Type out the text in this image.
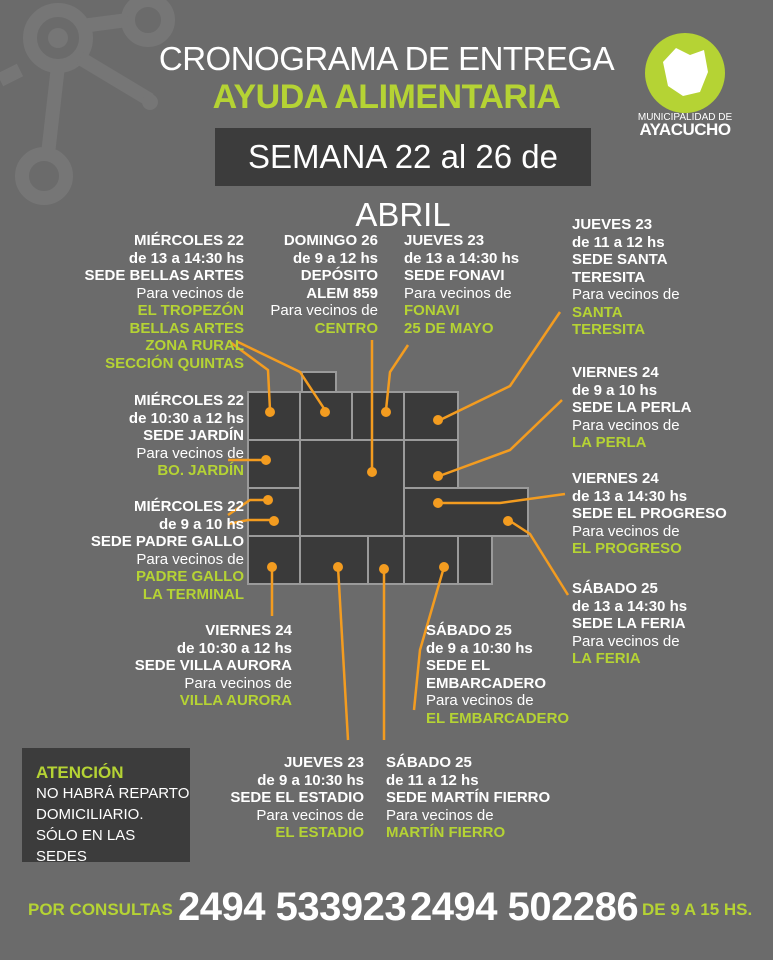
CRONOGRAMA DE ENTREGA
AYUDA ALIMENTARIA
SEMANA 22 al 26 de ABRIL
MUNICIPALIDAD DE
AYACUCHO
MIÉRCOLES 22
de 13 a 14:30 hs
SEDE BELLAS ARTES
Para vecinos de
EL TROPEZÓN
BELLAS ARTES
ZONA RURAL
SECCIÓN QUINTAS
DOMINGO 26
de 9 a 12 hs
DEPÓSITO
ALEM 859
Para vecinos de
CENTRO
JUEVES 23
de 13 a 14:30 hs
SEDE FONAVI
Para vecinos de
FONAVI
25 DE MAYO
JUEVES 23
de 11 a 12 hs
SEDE SANTA
TERESITA
Para vecinos de
SANTA
TERESITA
MIÉRCOLES 22
de 10:30 a 12 hs
SEDE JARDÍN
Para vecinos de
BO. JARDÍN
VIERNES 24
de 9 a 10 hs
SEDE LA PERLA
Para vecinos de
LA PERLA
MIÉRCOLES 22
de 9 a 10 hs
SEDE PADRE GALLO
Para vecinos de
PADRE GALLO
LA TERMINAL
VIERNES 24
de 13 a 14:30 hs
SEDE EL PROGRESO
Para vecinos de
EL PROGRESO
SÁBADO 25
de 13 a 14:30 hs
SEDE LA FERIA
Para vecinos de
LA FERIA
VIERNES 24
de 10:30 a 12 hs
SEDE VILLA AURORA
Para vecinos de
VILLA AURORA
SÁBADO 25
de 9 a 10:30 hs
SEDE EL
EMBARCADERO
Para vecinos de
EL EMBARCADERO
JUEVES 23
de 9 a 10:30 hs
SEDE EL ESTADIO
Para vecinos de
EL ESTADIO
SÁBADO 25
de 11 a 12 hs
SEDE MARTÍN FIERRO
Para vecinos de
MARTÍN FIERRO
ATENCIÓN
NO HABRÁ REPARTO
DOMICILIARIO.
SÓLO EN LAS SEDES
POR CONSULTAS 2494 533923 2494 502286 DE 9 A 15 HS.
